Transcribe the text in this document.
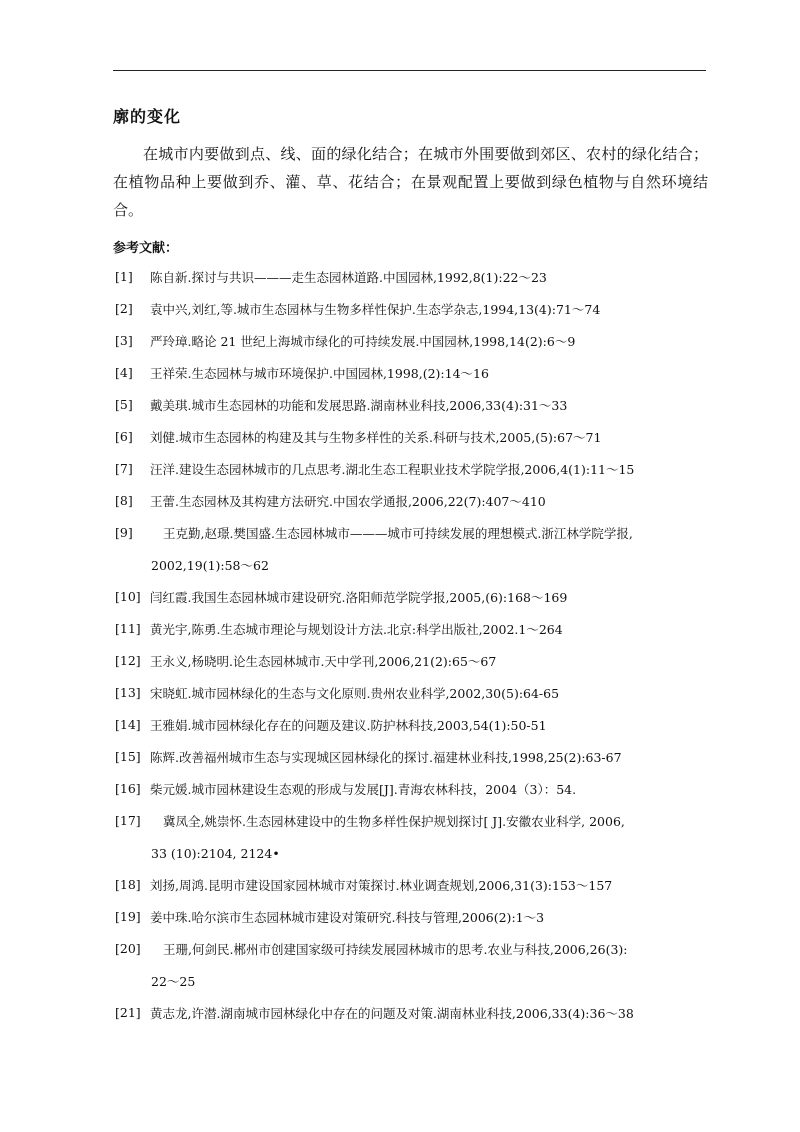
廓的变化

在城市内要做到点、线、面的绿化结合；在城市外围要做到郊区、农村的绿化结合；在植物品种上要做到乔、灌、草、花结合；在景观配置上要做到绿色植物与自然环境结合。

参考文献：
[1]	陈自新.探讨与共识———走生态园林道路.中国园林,1992,8(1):22～23
[2]	袁中兴,刘红,等.城市生态园林与生物多样性保护.生态学杂志,1994,13(4):71～74
[3]	严玲璋.略论 21 世纪上海城市绿化的可持续发展.中国园林,1998,14(2):6～9
[4]	王祥荣.生态园林与城市环境保护.中国园林,1998,(2):14～16
[5]	戴美琪.城市生态园林的功能和发展思路.湖南林业科技,2006,33(4):31～33
[6]	刘健.城市生态园林的构建及其与生物多样性的关系.科研与技术,2005,(5):67～71
[7]	汪洋.建设生态园林城市的几点思考.湖北生态工程职业技术学院学报,2006,4(1):11～15
[8]	王蕾.生态园林及其构建方法研究.中国农学通报,2006,22(7):407～410
[9]	王克勤,赵璟.樊国盛.生态园林城市———城市可持续发展的理想模式.浙江林学院学报,
2002,19(1):58～62
[10] 闫红霞.我国生态园林城市建设研究.洛阳师范学院学报,2005,(6):168～169
[11] 黄光宇,陈勇.生态城市理论与规划设计方法.北京:科学出版社,2002.1～264
[12] 王永义,杨晓明.论生态园林城市.天中学刊,2006,21(2):65～67
[13] 宋晓虹.城市园林绿化的生态与文化原则.贵州农业科学,2002,30(5):64-65
[14] 王雅娟.城市园林绿化存在的问题及建议.防护林科技,2003,54(1):50-51
[15] 陈辉.改善福州城市生态与实现城区园林绿化的探讨.福建林业科技,1998,25(2):63-67
[16] 柴元媛.城市园林建设生态观的形成与发展[J].青海农林科技，2004（3）：54.
[17]	冀凤全,姚崇怀.生态园林建设中的生物多样性保护规划探讨[ J].安徽农业科学, 2006,
33 (10):2104, 2124•
[18] 刘扬,周鸿.昆明市建设国家园林城市对策探讨.林业调查规划,2006,31(3):153～157
[19] 姜中珠.哈尔滨市生态园林城市建设对策研究.科技与管理,2006(2):1～3
[20]	王珊,何剑民.郴州市创建国家级可持续发展园林城市的思考.农业与科技,2006,26(3):
22～25
[21] 黄志龙,许潜.湖南城市园林绿化中存在的问题及对策.湖南林业科技,2006,33(4):36～38
